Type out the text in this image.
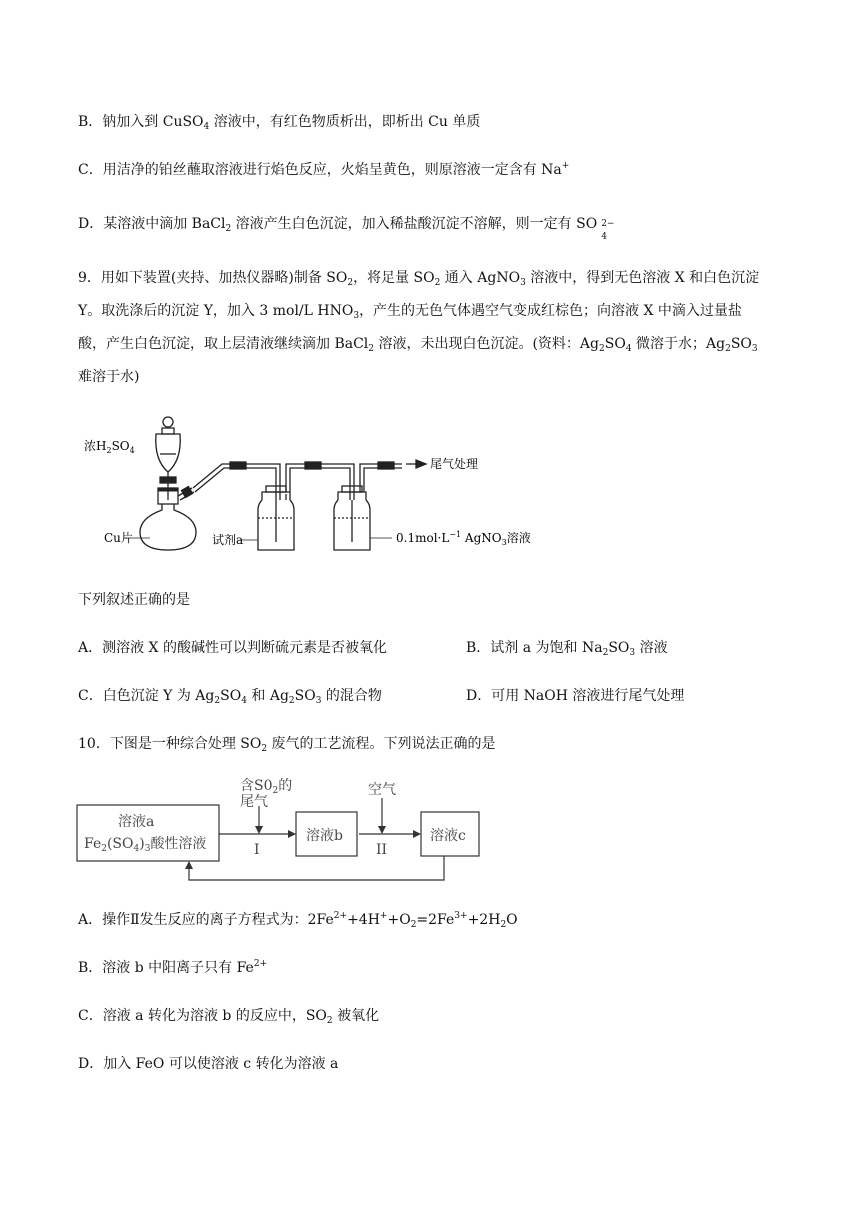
B．钠加入到 CuSO$_4$ 溶液中，有红色物质析出，即析出 Cu 单质
C．用洁净的铂丝蘸取溶液进行焰色反应，火焰呈黄色，则原溶液一定含有 Na+
D．某溶液中滴加 BaCl$_2$ 溶液产生白色沉淀，加入稀盐酸沉淀不溶解，则一定有 SO 2−
4
9．用如下装置(夹持、加热仪器略)制备 $SO_2$，将足量 $SO_2$ 通入 AgNO$_3$ 溶液中，得到无色溶液 X 和白色沉淀
Y。取洗涤后的沉淀 Y，加入 3 mol/L $HNO_3$，产生的无色气体遇空气变成红棕色；向溶液 X 中滴入过量盐
酸，产生白色沉淀，取上层清液继续滴加 BaCl$_2$ 溶液，未出现白色沉淀。(资料：$Ag_2SO_4$ 微溶于水；$Ag_2SO_3$
难溶于水)
浓$H_2SO_4$
Cu片	试剂a
尾气处理
$0.1mol\cdot L^{-1}$ AgNO$_3$溶液
下列叙述正确的是
A．测溶液 X 的酸碱性可以判断硫元素是否被氧化	B．试剂 a 为饱和 $Na_2SO_3$ 溶液
C．白色沉淀 Y 为 $Ag_2SO_4$ 和 $Ag_2SO_3$ 的混合物	D．可用 NaOH 溶液进行尾气处理
10．下图是一种综合处理 $SO_2$ 废气的工艺流程。下列说法正确的是
溶液a
$Fe_2(SO_4)_3$酸性溶液
含$S0_2$的
尾气
I
溶液b
空气
II
溶液c
A．操作Ⅱ发生反应的离子方程式为：$2Fe^{2+}+4H^++O_2=2Fe^{3+}+2H_2O$
B．溶液 b 中阳离子只有 $Fe^{2+}$
C．溶液 a 转化为溶液 b 的反应中，$SO_2$ 被氧化
D．加入 FeO 可以使溶液 c 转化为溶液 a
